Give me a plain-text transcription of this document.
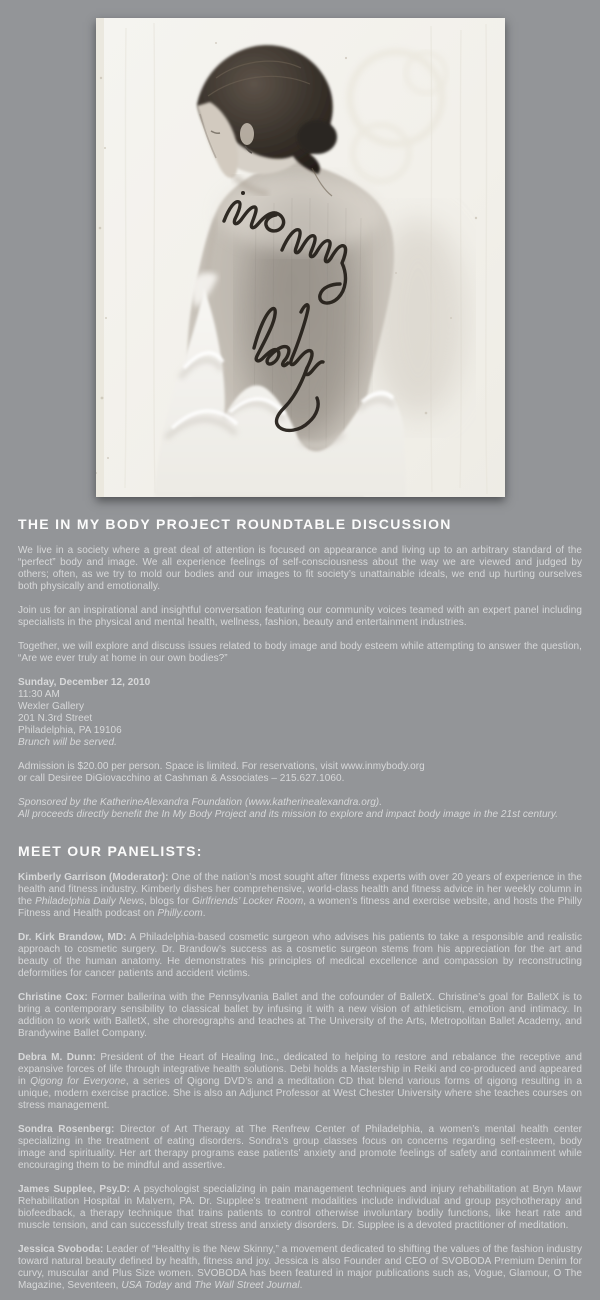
THE IN MY BODY PROJECT ROUNDTABLE DISCUSSION

We live in a society where a great deal of attention is focused on appearance and living up to an arbitrary standard of the “perfect” body and image. We all experience feelings of self-consciousness about the way we are viewed and judged by others; often, as we try to mold our bodies and our images to fit society’s unattainable ideals, we end up hurting ourselves both physically and emotionally.

Join us for an inspirational and insightful conversation featuring our community voices teamed with an expert panel including specialists in the physical and mental health, wellness, fashion, beauty and entertainment industries.

Together, we will explore and discuss issues related to body image and body esteem while attempting to answer the question, “Are we ever truly at home in our own bodies?”

Sunday, December 12, 2010
11:30 AM
Wexler Gallery
201 N.3rd Street
Philadelphia, PA 19106
Brunch will be served.

Admission is $20.00 per person. Space is limited. For reservations, visit www.inmybody.org
or call Desiree DiGiovacchino at Cashman & Associates – 215.627.1060.

Sponsored by the KatherineAlexandra Foundation (www.katherinealexandra.org).
All proceeds directly benefit the In My Body Project and its mission to explore and impact body image in the 21st century.

MEET OUR PANELISTS:

Kimberly Garrison (Moderator): One of the nation’s most sought after fitness experts with over 20 years of experience in the health and fitness industry. Kimberly dishes her comprehensive, world-class health and fitness advice in her weekly column in the Philadelphia Daily News, blogs for Girlfriends’ Locker Room, a women’s fitness and exercise website, and hosts the Philly Fitness and Health podcast on Philly.com.

Dr. Kirk Brandow, MD: A Philadelphia-based cosmetic surgeon who advises his patients to take a responsible and realistic approach to cosmetic surgery. Dr. Brandow’s success as a cosmetic surgeon stems from his appreciation for the art and beauty of the human anatomy. He demonstrates his principles of medical excellence and compassion by reconstructing deformities for cancer patients and accident victims.

Christine Cox: Former ballerina with the Pennsylvania Ballet and the cofounder of BalletX. Christine’s goal for BalletX is to bring a contemporary sensibility to classical ballet by infusing it with a new vision of athleticism, emotion and intimacy. In addition to work with BalletX, she choreographs and teaches at The University of the Arts, Metropolitan Ballet Academy, and Brandywine Ballet Company.

Debra M. Dunn: President of the Heart of Healing Inc., dedicated to helping to restore and rebalance the receptive and expansive forces of life through integrative health solutions. Debi holds a Mastership in Reiki and co-produced and appeared in Qigong for Everyone, a series of Qigong DVD’s and a meditation CD that blend various forms of qigong resulting in a unique, modern exercise practice. She is also an Adjunct Professor at West Chester University where she teaches courses on stress management.

Sondra Rosenberg: Director of Art Therapy at The Renfrew Center of Philadelphia, a women’s mental health center specializing in the treatment of eating disorders. Sondra’s group classes focus on concerns regarding self-esteem, body image and spirituality. Her art therapy programs ease patients’ anxiety and promote feelings of safety and containment while encouraging them to be mindful and assertive.

James Supplee, Psy.D: A psychologist specializing in pain management techniques and injury rehabilitation at Bryn Mawr Rehabilitation Hospital in Malvern, PA. Dr. Supplee’s treatment modalities include individual and group psychotherapy and biofeedback, a therapy technique that trains patients to control otherwise involuntary bodily functions, like heart rate and muscle tension, and can successfully treat stress and anxiety disorders. Dr. Supplee is a devoted practitioner of meditation.

Jessica Svoboda: Leader of “Healthy is the New Skinny,” a movement dedicated to shifting the values of the fashion industry toward natural beauty defined by health, fitness and joy. Jessica is also Founder and CEO of SVOBODA Premium Denim for curvy, muscular and Plus Size women. SVOBODA has been featured in major publications such as, Vogue, Glamour, O The Magazine, Seventeen, USA Today and The Wall Street Journal.
